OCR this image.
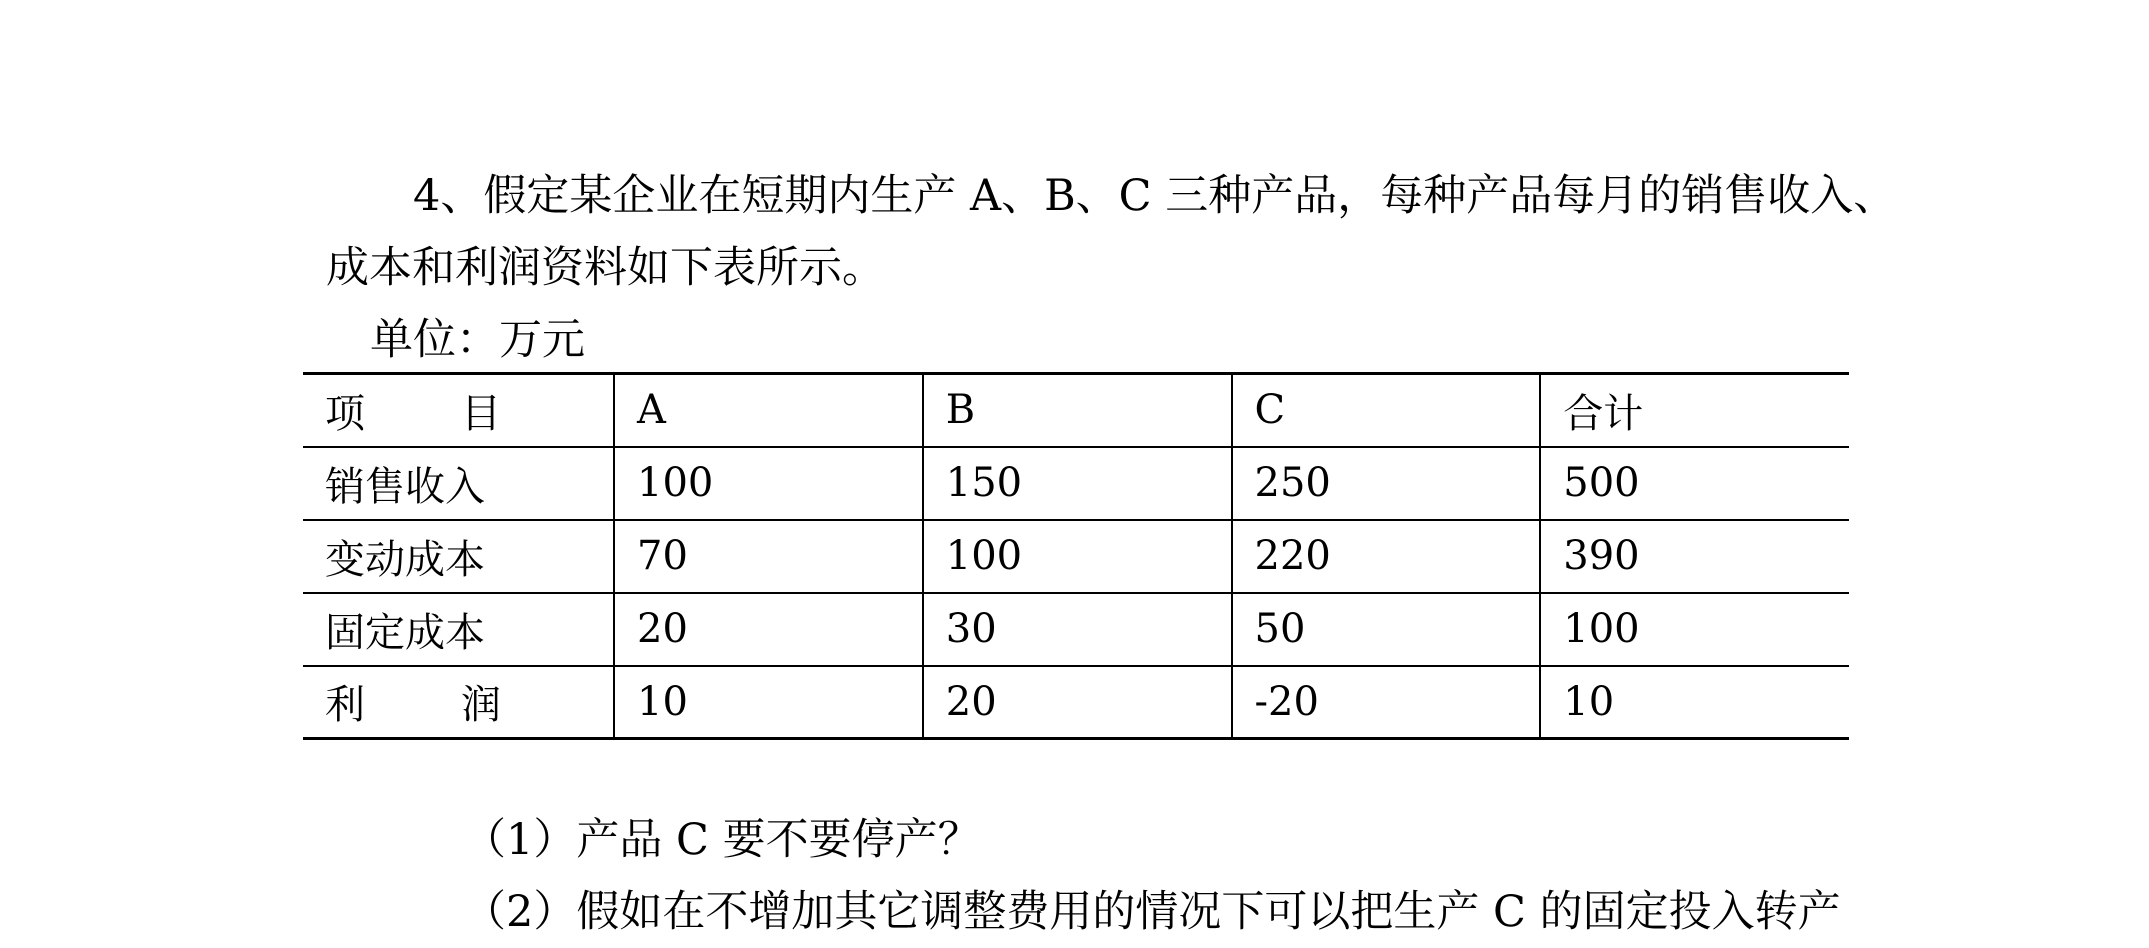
4、假定某企业在短期内生产 A、B、C 三种产品，每种产品每月的销售收入、

成本和利润资料如下表所示。

单位：万元

项 目	A	B	C	合计
销售收入	100	150	250	500
变动成本	70	100	220	390
固定成本	20	30	50	100
利 润	10	20	-20	10

（1）产品 C 要不要停产？

（2）假如在不增加其它调整费用的情况下可以把生产 C 的固定投入转产
